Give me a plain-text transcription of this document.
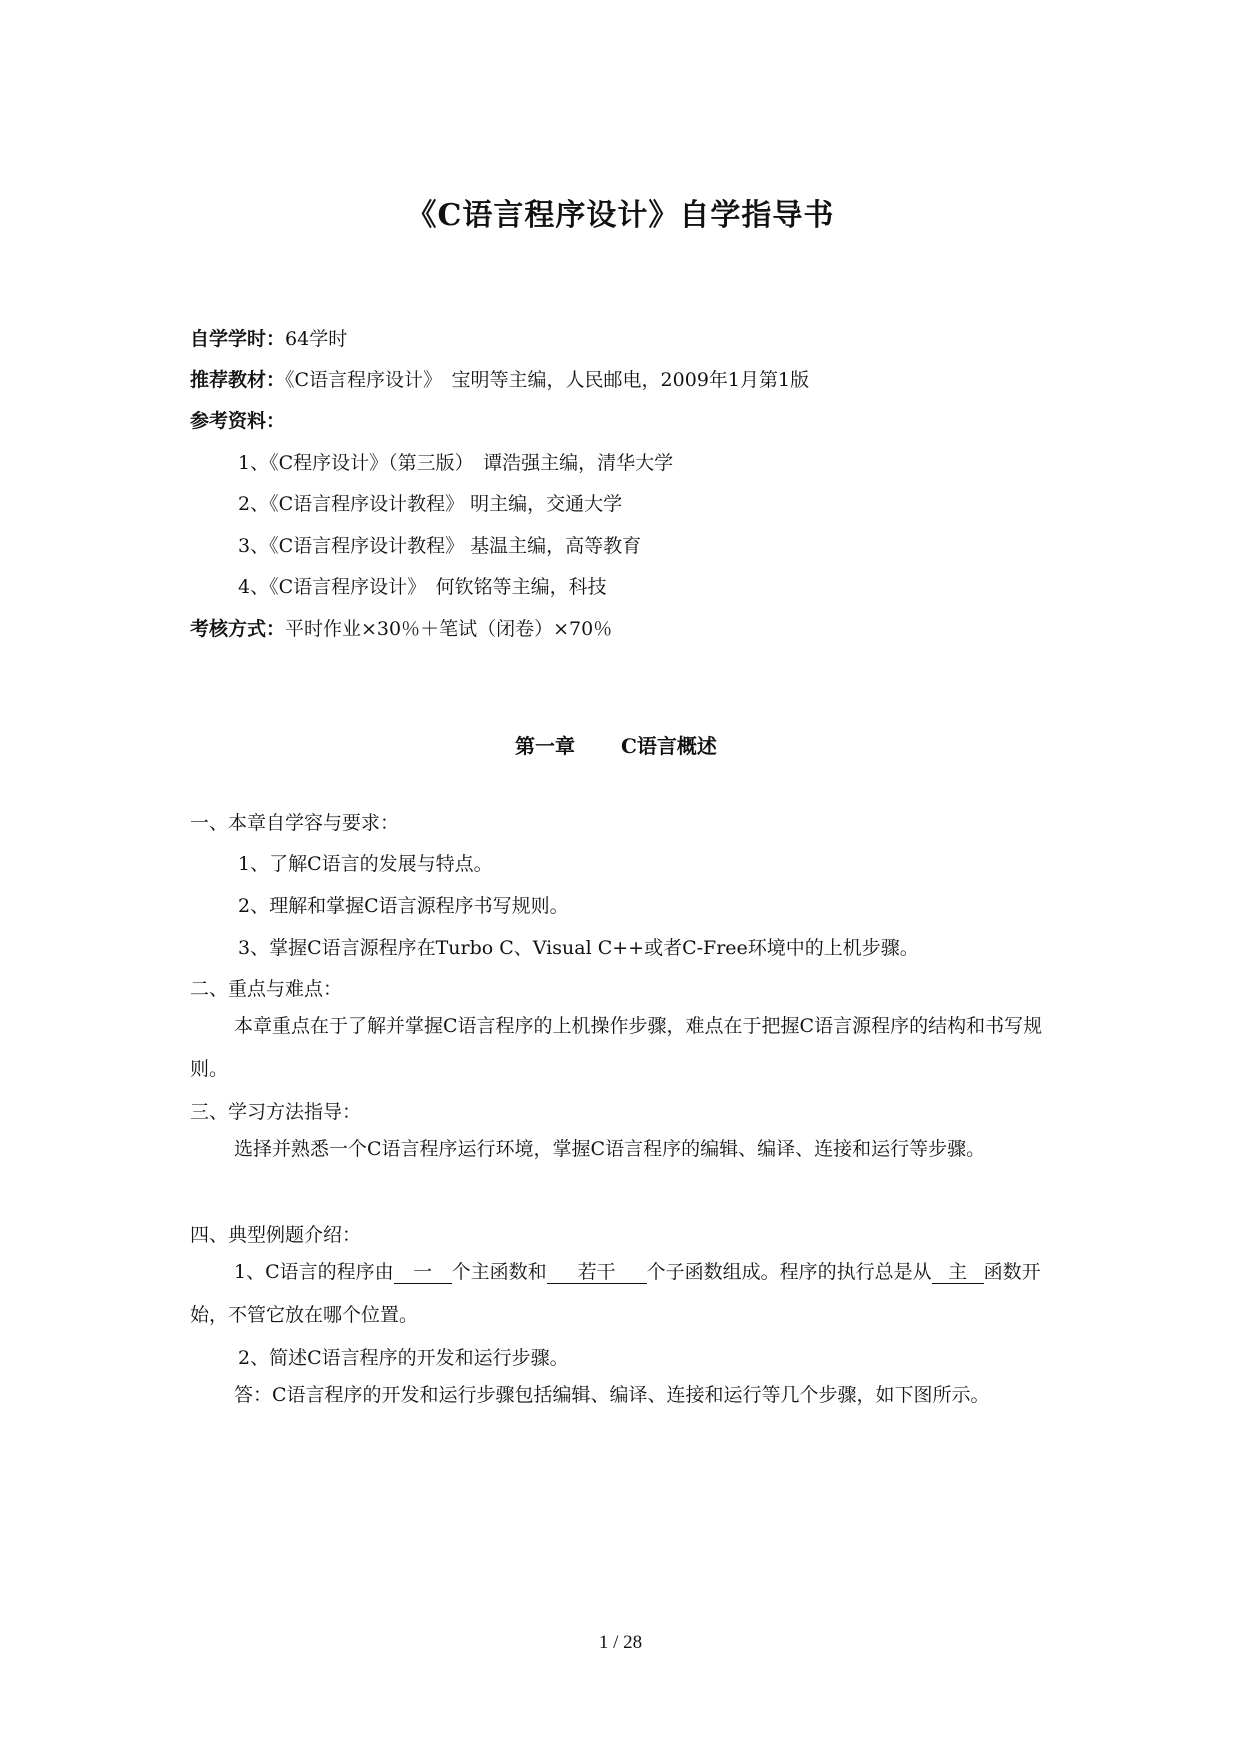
《C语言程序设计》自学指导书
自学学时：64学时
推荐教材：《C语言程序设计》　宝明等主编，人民邮电，2009年1月第1版
参考资料：
1、《C程序设计》（第三版）　谭浩强主编，清华大学
2、《C语言程序设计教程》 明主编，交通大学
3、《C语言程序设计教程》 基温主编，高等教育
4、《C语言程序设计》　何钦铭等主编，科技
考核方式：平时作业×30％＋笔试（闭卷）×70％
第一章 C语言概述
一、本章自学容与要求：
1、了解C语言的发展与特点。
2、理解和掌握C语言源程序书写规则。
3、掌握C语言源程序在Turbo C、Visual C++或者C-Free环境中的上机步骤。
二、重点与难点：
本章重点在于了解并掌握C语言程序的上机操作步骤，难点在于把握C语言源程序的结构和书写规则。
三、学习方法指导：
选择并熟悉一个C语言程序运行环境，掌握C语言程序的编辑、编译、连接和运行等步骤。
四、典型例题介绍：
1、C语言的程序由 一 个主函数和 若干 个子函数组成。程序的执行总是从 主 函数开始，不管它放在哪个位置。
2、简述C语言程序的开发和运行步骤。
答：C语言程序的开发和运行步骤包括编辑、编译、连接和运行等几个步骤，如下图所示。
1 / 28
